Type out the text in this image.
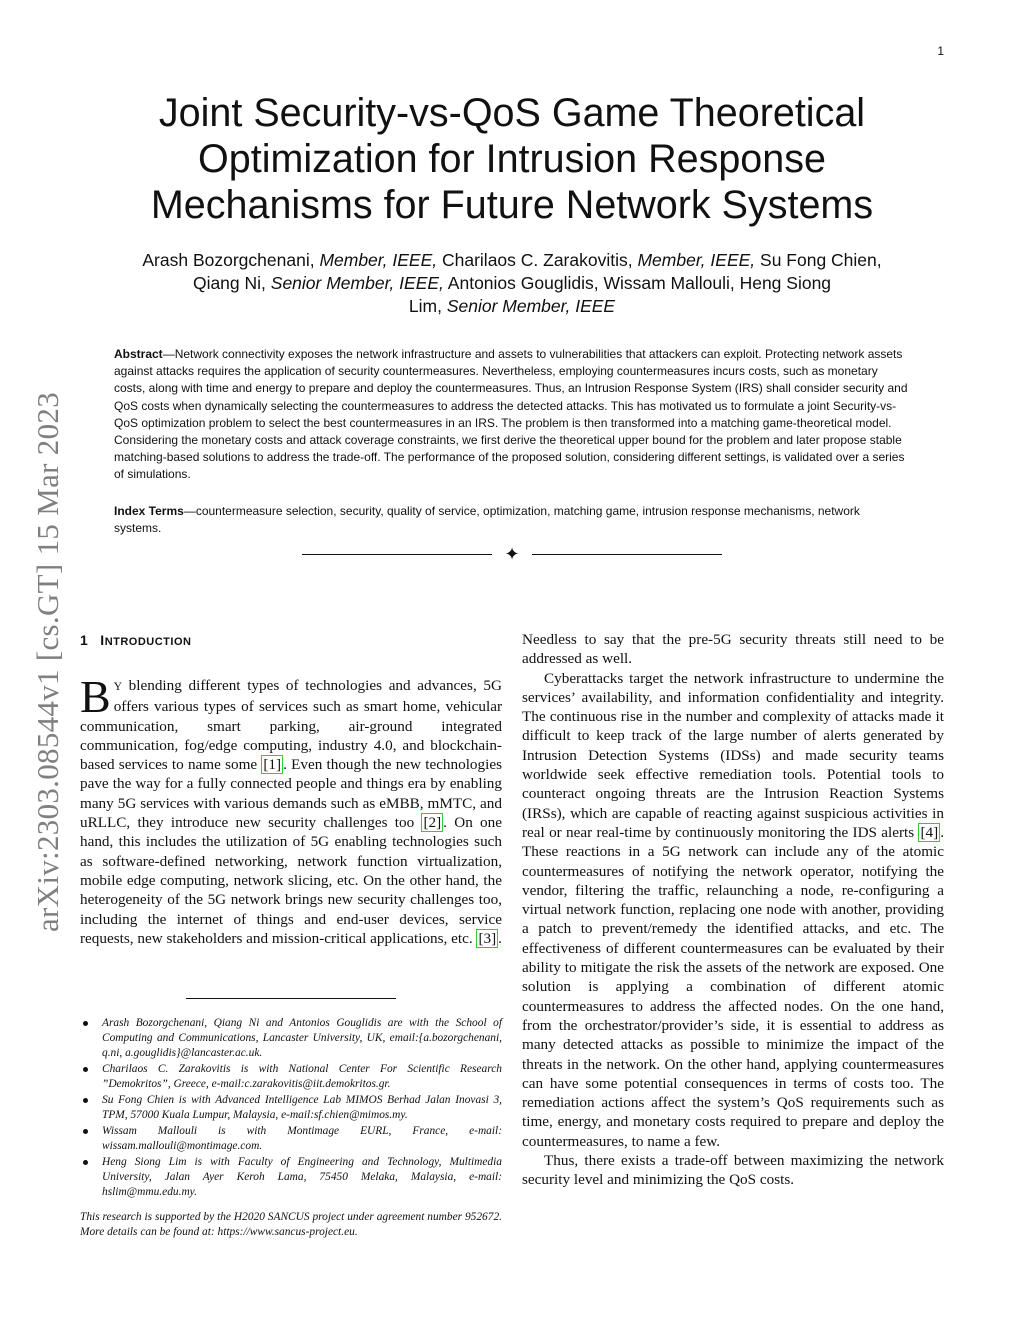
1
arXiv:2303.08544v1 [cs.GT] 15 Mar 2023
Joint Security-vs-QoS Game Theoretical
Optimization for Intrusion Response
Mechanisms for Future Network Systems
Arash Bozorgchenani, Member, IEEE, Charilaos C. Zarakovitis, Member, IEEE, Su Fong Chien,
Qiang Ni, Senior Member, IEEE, Antonios Gouglidis, Wissam Mallouli, Heng Siong
Lim, Senior Member, IEEE
Abstract—Network connectivity exposes the network infrastructure and assets to vulnerabilities that attackers can exploit. Protecting network assets against attacks requires the application of security countermeasures. Nevertheless, employing countermeasures incurs costs, such as monetary costs, along with time and energy to prepare and deploy the countermeasures. Thus, an Intrusion Response System (IRS) shall consider security and QoS costs when dynamically selecting the countermeasures to address the detected attacks. This has motivated us to formulate a joint Security-vs-QoS optimization problem to select the best countermeasures in an IRS. The problem is then transformed into a matching game-theoretical model. Considering the monetary costs and attack coverage constraints, we first derive the theoretical upper bound for the problem and later propose stable matching-based solutions to address the trade-off. The performance of the proposed solution, considering different settings, is validated over a series of simulations.
Index Terms—countermeasure selection, security, quality of service, optimization, matching game, intrusion response mechanisms, network systems.
✦
1 INTRODUCTION

B Y blending different types of technologies and advances, 5G offers various types of services such as smart home, vehicular communication, smart parking, air-ground integrated communication, fog/edge computing, industry 4.0, and blockchain-based services to name some [1] . Even though the new technologies pave the way for a fully connected people and things era by enabling many 5G services with various demands such as eMBB, mMTC, and uRLLC, they introduce new security challenges too [2] . On one hand, this includes the utilization of 5G enabling technologies such as software-defined networking, network function virtualization, mobile edge computing, network slicing, etc. On the other hand, the heterogeneity of the 5G network brings new security challenges too, including the internet of things and end-user devices, service requests, new stakeholders and mission-critical applications, etc. [3] .

Arash Bozorgchenani, Qiang Ni and Antonios Gouglidis are with the School of Computing and Communications, Lancaster University, UK, email:{a.bozorgchenani, q.ni, a.gouglidis}@lancaster.ac.uk.
Charilaos C. Zarakovitis is with National Center For Scientific Research ”Demokritos”, Greece, e-mail:c.zarakovitis@iit.demokritos.gr.
Su Fong Chien is with Advanced Intelligence Lab MIMOS Berhad Jalan Inovasi 3, TPM, 57000 Kuala Lumpur, Malaysia, e-mail:sf.chien@mimos.my.
Wissam Mallouli is with Montimage EURL, France, e-mail: wissam.mallouli@montimage.com.
Heng Siong Lim is with Faculty of Engineering and Technology, Multimedia University, Jalan Ayer Keroh Lama, 75450 Melaka, Malaysia, e-mail: hslim@mmu.edu.my.
This research is supported by the H2020 SANCUS project under agreement number 952672. More details can be found at: https://www.sancus-project.eu.

Needless to say that the pre-5G security threats still need to be addressed as well.

Cyberattacks target the network infrastructure to undermine the services’ availability, and information confidentiality and integrity. The continuous rise in the number and complexity of attacks made it difficult to keep track of the large number of alerts generated by Intrusion Detection Systems (IDSs) and made security teams worldwide seek effective remediation tools. Potential tools to counteract ongoing threats are the Intrusion Reaction Systems (IRSs), which are capable of reacting against suspicious activities in real or near real-time by continuously monitoring the IDS alerts [4] . These reactions in a 5G network can include any of the atomic countermeasures of notifying the network operator, notifying the vendor, filtering the traffic, relaunching a node, re-configuring a virtual network function, replacing one node with another, providing a patch to prevent/remedy the identified attacks, and etc. The effectiveness of different countermeasures can be evaluated by their ability to mitigate the risk the assets of the network are exposed. One solution is applying a combination of different atomic countermeasures to address the affected nodes. On the one hand, from the orchestrator/provider’s side, it is essential to address as many detected attacks as possible to minimize the impact of the threats in the network. On the other hand, applying countermeasures can have some potential consequences in terms of costs too. The remediation actions affect the system’s QoS requirements such as time, energy, and monetary costs required to prepare and deploy the countermeasures, to name a few.

Thus, there exists a trade-off between maximizing the network security level and minimizing the QoS costs.
